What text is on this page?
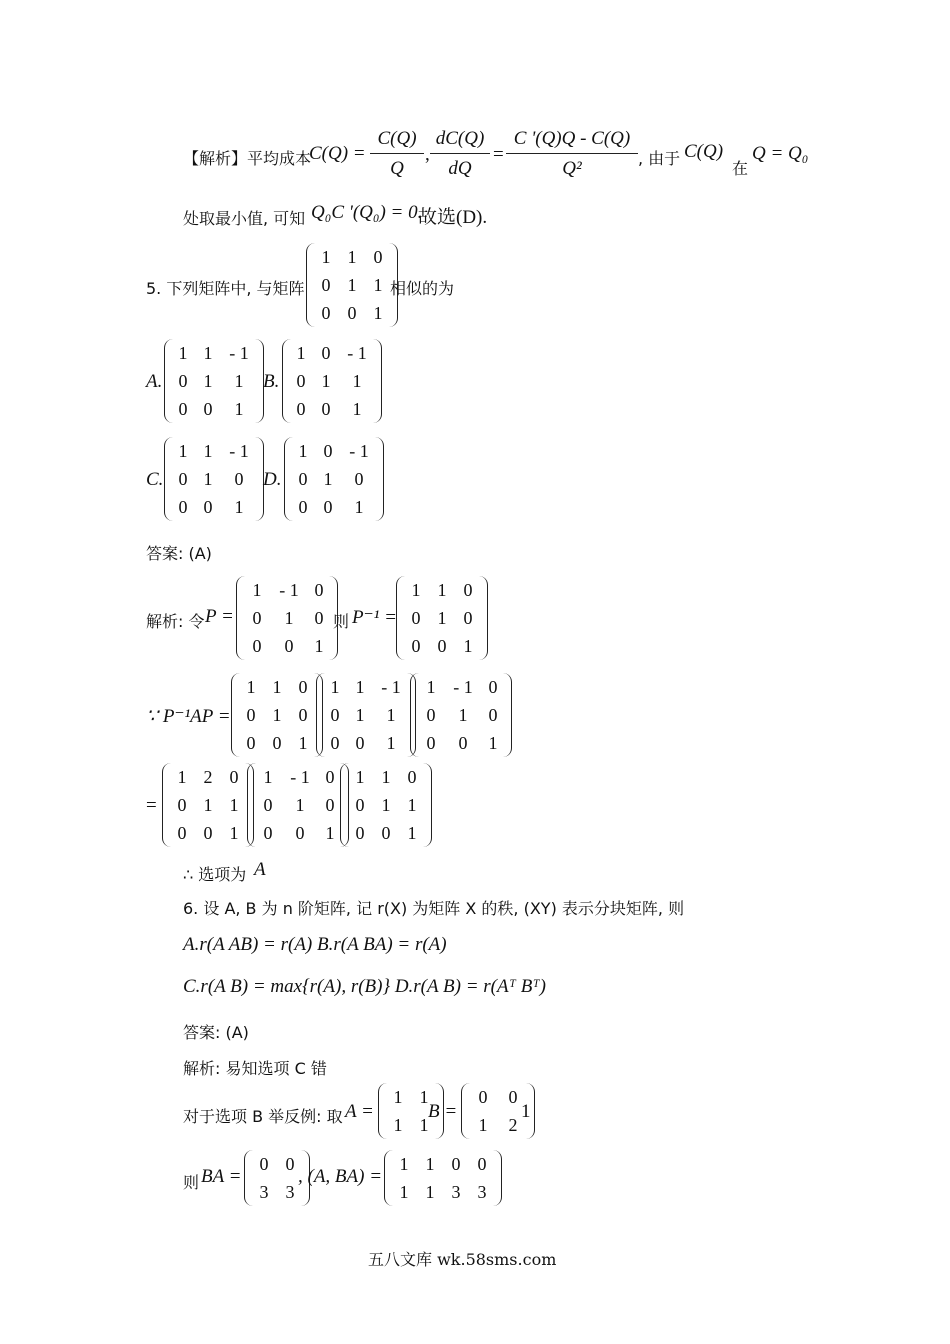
【解析】平均成本
$C(Q) = \frac{C(Q)}{Q}$ , $\frac{dC(Q)}{dQ} = \frac{C '(Q)Q - C(Q)}{\text{Q²}}$ , 由于 C(Q)
在
Q = Q₀
处取最小值, 可知 Q₀C '(Q₀) = 0.
故选(D).
5. 下列矩阵中, 与矩阵
1 1 0
0 1 1
0 0 1
相似的为
A.
1 1 - 1
0 1 1
0 0 1
B.
1 0 - 1
0 1 1
0 0 1
C.
1 1 - 1
0 1 0
0 0 1
D.
1 0 - 1
0 1 0
0 0 1
答案: (A)
解析: 令 P =
1 - 1 0
0 1 0
0 0 1
则 P⁻¹ =
1 1 0
0 1 0
0 0 1
∵ P⁻¹AP =
1 1 0
0 1 0
0 0 1
1 1 - 1
0 1 1
0 0 1
1 - 1 0
0 1 0
0 0 1
=
1 2 0
0 1 1
0 0 1
1 - 1 0
0 1 0
0 0 1
1 1 0
0 1 1
0 0 1
∴ 选项为 A
6. 设 A, B 为 n 阶矩阵, 记 r(X) 为矩阵 X 的秩, (XY) 表示分块矩阵, 则
A.r(A AB) = r(A) B.r(A BA) = r(A)
C.r(A B) = max{r(A), r(B)} D.r(A B) = r(Aᵀ Bᵀ)
答案: (A)
解析: 易知选项 C 错
对于选项 B 举反例: 取 A =
1 1
1 1
B =
0 0
1 2
1
则 BA =
0 0
3 3
, (A, BA) =
1 1 0 0
1 1 3 3
五八文库 wk.58sms.com
